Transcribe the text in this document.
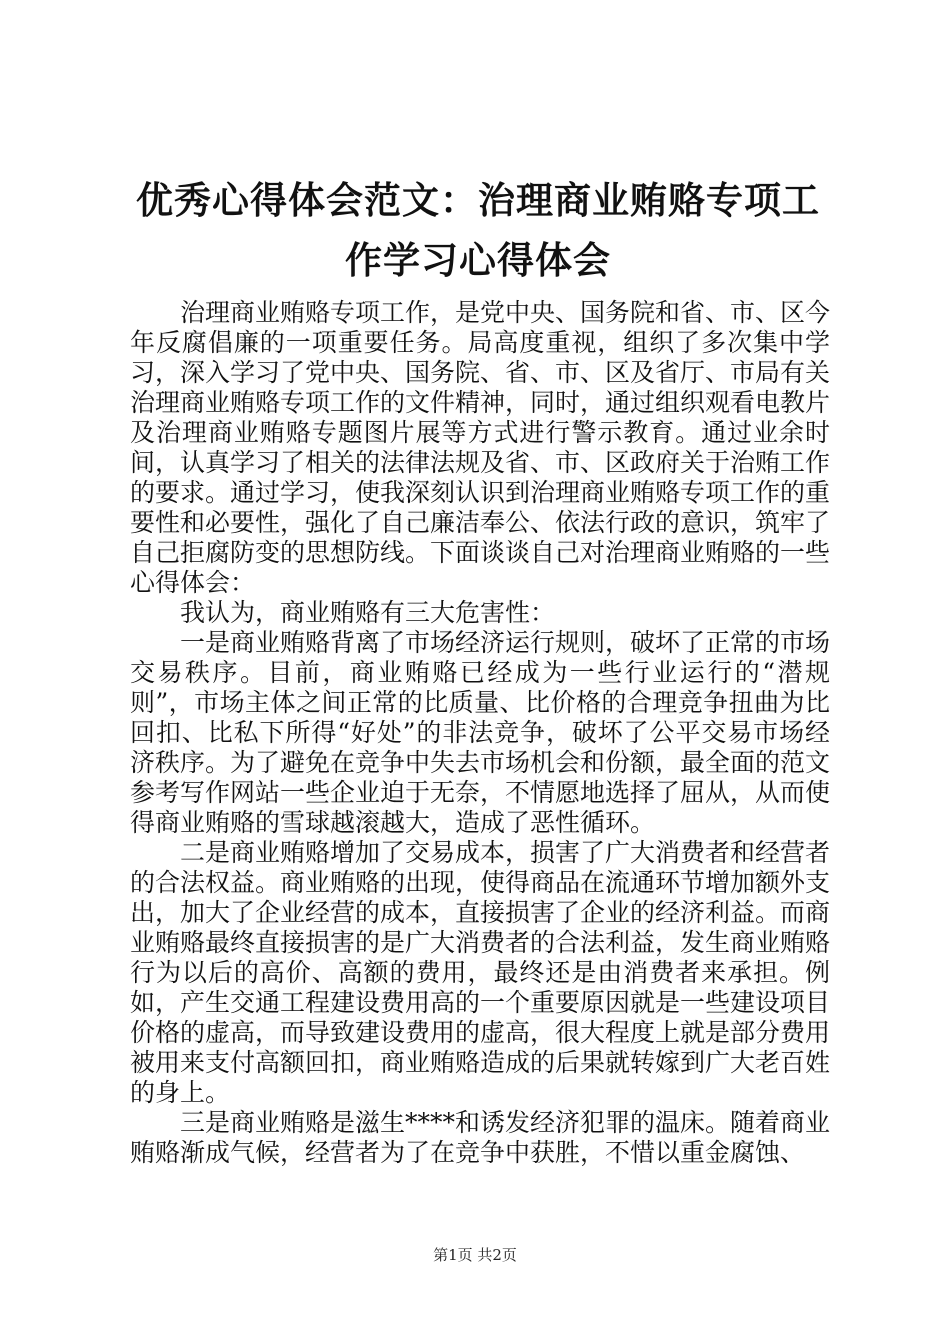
优秀心得体会范文：治理商业贿赂专项工作学习心得体会

治理商业贿赂专项工作，是党中央、国务院和省、市、区今年反腐倡廉的一项重要任务。局高度重视，组织了多次集中学习，深入学习了党中央、国务院、省、市、区及省厅、市局有关治理商业贿赂专项工作的文件精神，同时，通过组织观看电教片及治理商业贿赂专题图片展等方式进行警示教育。通过业余时间，认真学习了相关的法律法规及省、市、区政府关于治贿工作的要求。通过学习，使我深刻认识到治理商业贿赂专项工作的重要性和必要性，强化了自己廉洁奉公、依法行政的意识，筑牢了自己拒腐防变的思想防线。下面谈谈自己对治理商业贿赂的一些心得体会：

我认为，商业贿赂有三大危害性：

一是商业贿赂背离了市场经济运行规则，破坏了正常的市场交易秩序。目前，商业贿赂已经成为一些行业运行的“潜规则”，市场主体之间正常的比质量、比价格的合理竞争扭曲为比回扣、比私下所得“好处”的非法竞争，破坏了公平交易市场经济秩序。为了避免在竞争中失去市场机会和份额，最全面的范文参考写作网站一些企业迫于无奈，不情愿地选择了屈从，从而使得商业贿赂的雪球越滚越大，造成了恶性循环。

二是商业贿赂增加了交易成本，损害了广大消费者和经营者的合法权益。商业贿赂的出现，使得商品在流通环节增加额外支出，加大了企业经营的成本，直接损害了企业的经济利益。而商业贿赂最终直接损害的是广大消费者的合法利益，发生商业贿赂行为以后的高价、高额的费用，最终还是由消费者来承担。例如，产生交通工程建设费用高的一个重要原因就是一些建设项目价格的虚高，而导致建设费用的虚高，很大程度上就是部分费用被用来支付高额回扣，商业贿赂造成的后果就转嫁到广大老百姓的身上。

三是商业贿赂是滋生****和诱发经济犯罪的温床。随着商业贿赂渐成气候，经营者为了在竞争中获胜，不惜以重金腐蚀、

第1页 共2页
